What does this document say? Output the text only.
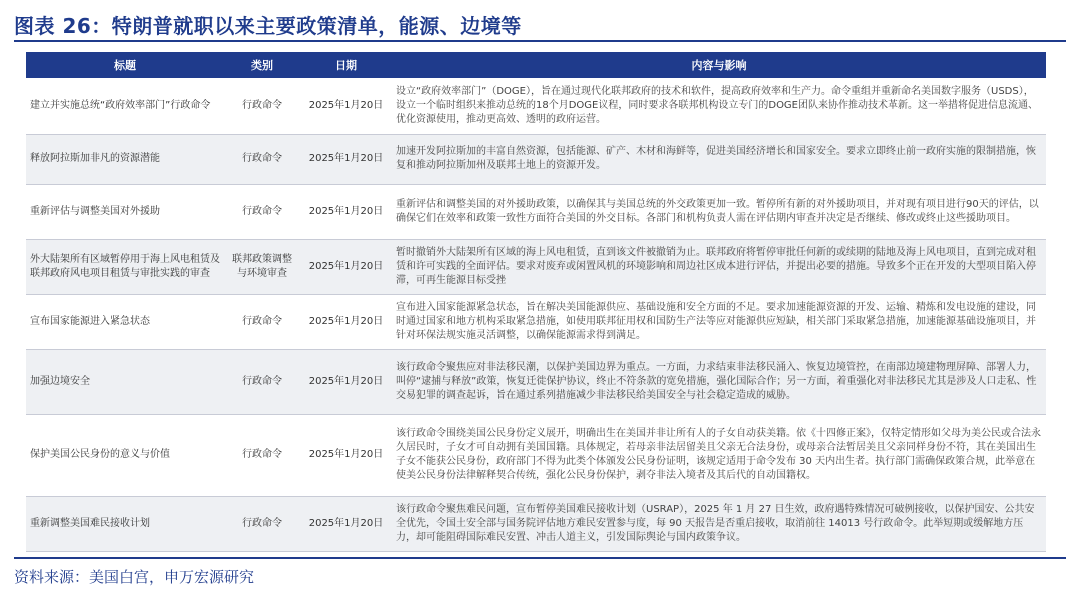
图表 26：特朗普就职以来主要政策清单，能源、边境等
标题	类别	日期	内容与影响
建立并实施总统“政府效率部门”行政命令	行政命令	2025年1月20日	设立“政府效率部门”（DOGE），旨在通过现代化联邦政府的技术和软件，提高政府效率和生产力。命令重组并重新命名美国数字服务（USDS），设立一个临时组织来推动总统的18个月DOGE议程，同时要求各联邦机构设立专门的DOGE团队来协作推动技术革新。这一举措将促进信息流通、优化资源使用，推动更高效、透明的政府运营。
释放阿拉斯加非凡的资源潜能	行政命令	2025年1月20日	加速开发阿拉斯加的丰富自然资源，包括能源、矿产、木材和海鲜等，促进美国经济增长和国家安全。要求立即终止前一政府实施的限制措施，恢复和推动阿拉斯加州及联邦土地上的资源开发。
重新评估与调整美国对外援助	行政命令	2025年1月20日	重新评估和调整美国的对外援助政策，以确保其与美国总统的外交政策更加一致。暂停所有新的对外援助项目，并对现有项目进行90天的评估，以确保它们在效率和政策一致性方面符合美国的外交目标。各部门和机构负责人需在评估期内审查并决定是否继续、修改或终止这些援助项目。
外大陆架所有区域暂停用于海上风电租赁及联邦政府风电项目租赁与审批实践的审查	联邦政策调整与环境审查	2025年1月20日	暂时撤销外大陆架所有区域的海上风电租赁，直到该文件被撤销为止。联邦政府将暂停审批任何新的或续期的陆地及海上风电项目，直到完成对租赁和许可实践的全面评估。要求对废弃或闲置风机的环境影响和周边社区成本进行评估，并提出必要的措施。导致多个正在开发的大型项目陷入停滞，可再生能源目标受挫
宣布国家能源进入紧急状态	行政命令	2025年1月20日	宣布进入国家能源紧急状态，旨在解决美国能源供应、基础设施和安全方面的不足。要求加速能源资源的开发、运输、精炼和发电设施的建设，同时通过国家和地方机构采取紧急措施，如使用联邦征用权和国防生产法等应对能源供应短缺，相关部门采取紧急措施，加速能源基础设施项目，并针对环保法规实施灵活调整，以确保能源需求得到满足。
加强边境安全	行政命令	2025年1月20日	该行政命令聚焦应对非法移民潮，以保护美国边界为重点。一方面，力求结束非法移民涌入、恢复边境管控，在南部边境建物理屏障、部署人力，叫停“逮捕与释放”政策，恢复迁徙保护协议，终止不符条款的宽免措施，强化国际合作；另一方面，着重强化对非法移民尤其是涉及人口走私、性交易犯罪的调查起诉，旨在通过系列措施减少非法移民给美国安全与社会稳定造成的威胁。
保护美国公民身份的意义与价值	行政命令	2025年1月20日	该行政命令围绕美国公民身份定义展开，明确出生在美国并非让所有人的子女自动获美籍。依《十四修正案》，仅特定情形如父母为美公民或合法永久居民时，子女才可自动拥有美国国籍。具体规定，若母亲非法居留美且父亲无合法身份，或母亲合法暂居美且父亲同样身份不符，其在美国出生子女不能获公民身份，政府部门不得为此类个体颁发公民身份证明，该规定适用于命令发布 30 天内出生者。执行部门需确保政策合规，此举意在使美公民身份法律解释契合传统，强化公民身份保护，剥夺非法入境者及其后代的自动国籍权。
重新调整美国难民接收计划	行政命令	2025年1月20日	该行政命令聚焦难民问题，宣布暂停美国难民接收计划（USRAP），2025 年 1 月 27 日生效，政府遇特殊情况可破例接收，以保护国安、公共安全优先，令国土安全部与国务院评估地方难民安置参与度，每 90 天报告是否重启接收，取消前往 14013 号行政命令。此举短期或缓解地方压力，却可能阻碍国际难民安置、冲击人道主义，引发国际舆论与国内政策争议。
资料来源：美国白宫，申万宏源研究
